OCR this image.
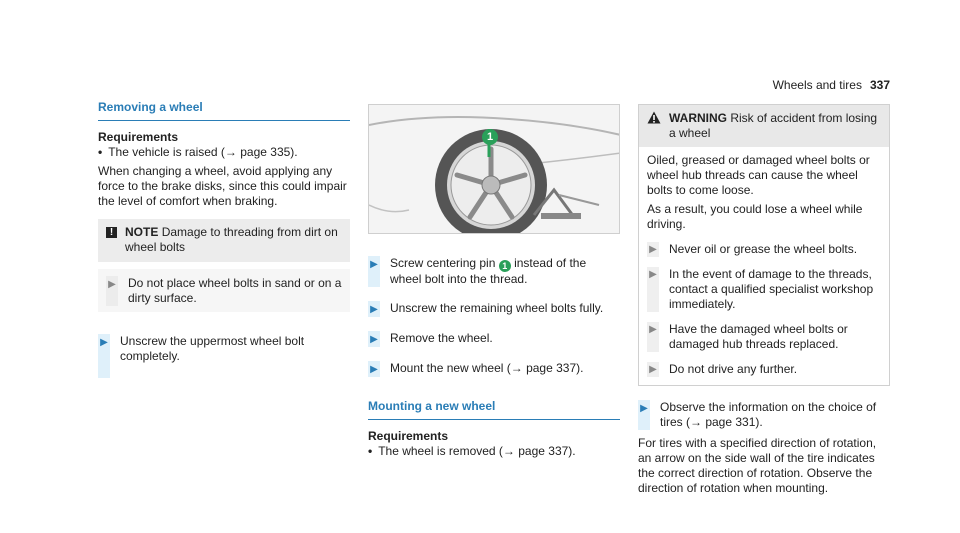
Wheels and tires 337
Removing a wheel
Requirements
• The vehicle is raised (→ page 335).

When changing a wheel, avoid applying any force to the brake disks, since this could impair the level of comfort when braking.

! NOTE Damage to threading from dirt on wheel bolts
▶ Do not place wheel bolts in sand or on a dirty surface.
▶ Unscrew the uppermost wheel bolt completely.
1
▶ Screw centering pin 1 instead of the wheel bolt into the thread.
▶ Unscrew the remaining wheel bolts fully.
▶ Remove the wheel.
▶ Mount the new wheel (→ page 337).
Mounting a new wheel
Requirements
• The wheel is removed (→ page 337).
WARNING Risk of accident from losing a wheel

Oiled, greased or damaged wheel bolts or wheel hub threads can cause the wheel bolts to come loose.

As a result, you could lose a wheel while driving.

▶ Never oil or grease the wheel bolts.
▶ In the event of damage to the threads, contact a qualified specialist workshop immediately.
▶ Have the damaged wheel bolts or damaged hub threads replaced.
▶ Do not drive any further.
▶ Observe the information on the choice of tires (→ page 331).

For tires with a specified direction of rotation, an arrow on the side wall of the tire indicates the correct direction of rotation. Observe the direction of rotation when mounting.
